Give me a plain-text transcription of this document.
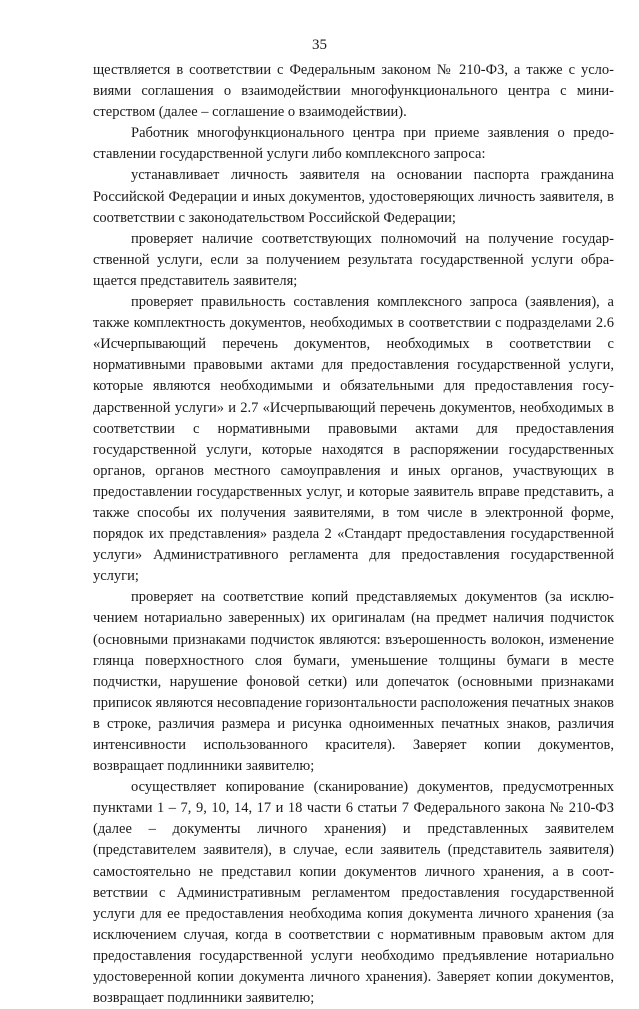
35

ществляется в соответствии с Федеральным законом № 210-ФЗ, а также с условиями соглашения о взаимодействии многофункционального центра с министерством (далее – соглашение о взаимодействии).

Работник многофункционального центра при приеме заявления о предоставлении государственной услуги либо комплексного запроса:

устанавливает личность заявителя на основании паспорта гражданина Российской Федерации и иных документов, удостоверяющих личность заявителя, в соответствии с законодательством Российской Федерации;

проверяет наличие соответствующих полномочий на получение государственной услуги, если за получением результата государственной услуги обращается представитель заявителя;

проверяет правильность составления комплексного запроса (заявления), а также комплектность документов, необходимых в соответствии с подразделами 2.6 «Исчерпывающий перечень документов, необходимых в соответствии с нормативными правовыми актами для предоставления государственной услуги, которые являются необходимыми и обязательными для предоставления государственной услуги» и 2.7 «Исчерпывающий перечень документов, необходимых в соответствии с нормативными правовыми актами для предоставления государственной услуги, которые находятся в распоряжении государственных органов, органов местного самоуправления и иных органов, участвующих в предоставлении государственных услуг, и которые заявитель вправе представить, а также способы их получения заявителями, в том числе в электронной форме, порядок их представления» раздела 2 «Стандарт предоставления государственной услуги» Административного регламента для предоставления государственной услуги;

проверяет на соответствие копий представляемых документов (за исключением нотариально заверенных) их оригиналам (на предмет наличия подчисток (основными признаками подчисток являются: взъерошенность волокон, изменение глянца поверхностного слоя бумаги, уменьшение толщины бумаги в месте подчистки, нарушение фоновой сетки) или допечаток (основными признаками приписок являются несовпадение горизонтальности расположения печатных знаков в строке, различия размера и рисунка одноименных печатных знаков, различия интенсивности использованного красителя). Заверяет копии документов, возвращает подлинники заявителю;

осуществляет копирование (сканирование) документов, предусмотренных пунктами 1 – 7, 9, 10, 14, 17 и 18 части 6 статьи 7 Федерального закона № 210-ФЗ (далее – документы личного хранения) и представленных заявителем (представителем заявителя), в случае, если заявитель (представитель заявителя) самостоятельно не представил копии документов личного хранения, а в соответствии с Административным регламентом предоставления государственной услуги для ее предоставления необходима копия документа личного хранения (за исключением случая, когда в соответствии с нормативным правовым актом для предоставления государственной услуги необходимо предъявление нотариально удостоверенной копии документа личного хранения). Заверяет копии документов, возвращает подлинники заявителю;
